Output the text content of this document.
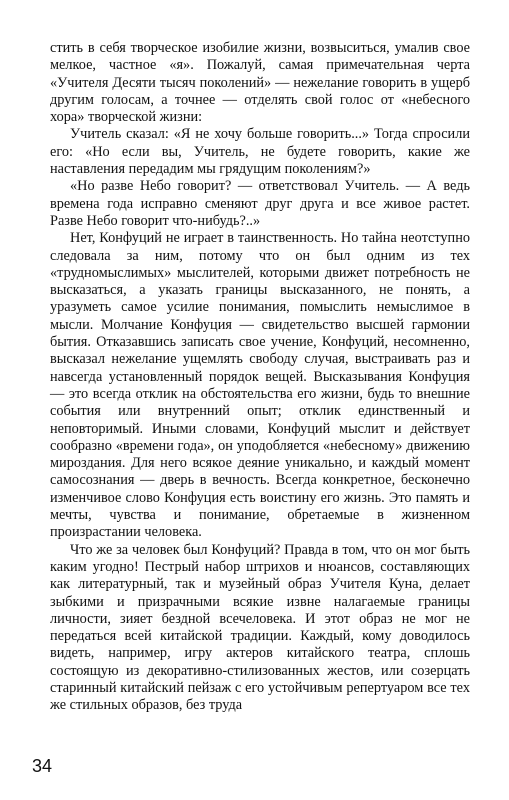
стить в себя творческое изобилие жизни, возвыситься, умалив свое мелкое, частное «я». Пожалуй, самая примечательная черта «Учителя Десяти тысяч поколений» — нежелание говорить в ущерб другим голосам, а точнее — отделять свой голос от «небесного хора» творческой жизни:

Учитель сказал: «Я не хочу больше говорить...» Тогда спросили его: «Но если вы, Учитель, не будете говорить, какие же наставления передадим мы грядущим поколениям?»

«Но разве Небо говорит? — ответствовал Учитель. — А ведь времена года исправно сменяют друг друга и все живое растет. Разве Небо говорит что-нибудь?..»

Нет, Конфуций не играет в таинственность. Но тайна неотступно следовала за ним, потому что он был одним из тех «трудномыслимых» мыслителей, которыми движет потребность не высказаться, а указать границы высказанного, не понять, а уразуметь самое усилие понимания, помыслить немыслимое в мысли. Молчание Конфуция — свидетельство высшей гармонии бытия. Отказавшись записать свое учение, Конфуций, несомненно, высказал нежелание ущемлять свободу случая, выстраивать раз и навсегда установленный порядок вещей. Высказывания Конфуция — это всегда отклик на обстоятельства его жизни, будь то внешние события или внутренний опыт; отклик единственный и неповторимый. Иными словами, Конфуций мыслит и действует сообразно «времени года», он уподобляется «небесному» движению мироздания. Для него всякое деяние уникально, и каждый момент самосознания — дверь в вечность. Всегда конкретное, бесконечно изменчивое слово Конфуция есть воистину его жизнь. Это память и мечты, чувства и понимание, обретаемые в жизненном произрастании человека.

Что же за человек был Конфуций? Правда в том, что он мог быть каким угодно! Пестрый набор штрихов и нюансов, составляющих как литературный, так и музейный образ Учителя Куна, делает зыбкими и призрачными всякие извне налагаемые границы личности, зияет бездной всечеловека. И этот образ не мог не передаться всей китайской традиции. Каждый, кому доводилось видеть, например, игру актеров китайского театра, сплошь состоящую из декоративно-стилизованных жестов, или созерцать старинный китайский пейзаж с его устойчивым репертуаром все тех же стильных образов, без труда

34
